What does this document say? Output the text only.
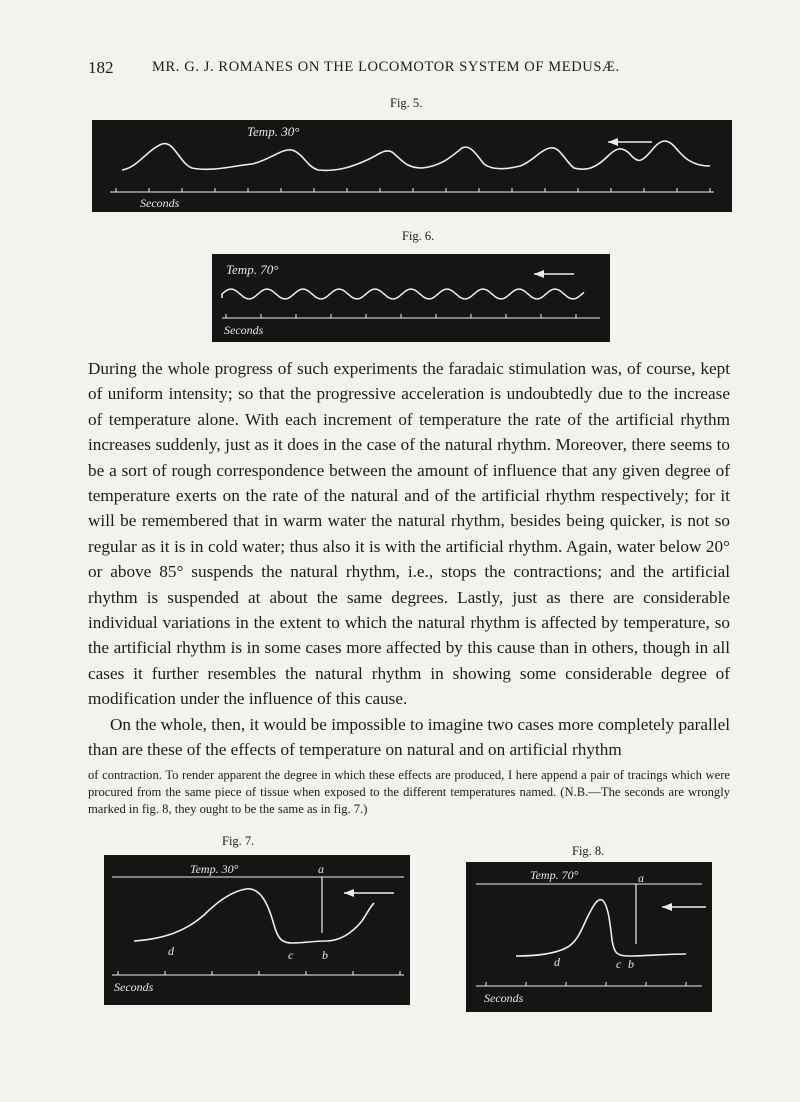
182	MR. G. J. ROMANES ON THE LOCOMOTOR SYSTEM OF MEDUSÆ.
Fig. 5.
Temp. 30°
Seconds
Fig. 6.
Temp. 70°
Seconds

During the whole progress of such experiments the faradaic stimulation was, of course, kept of uniform intensity; so that the progressive acceleration is undoubtedly due to the increase of temperature alone. With each increment of temperature the rate of the artificial rhythm increases suddenly, just as it does in the case of the natural rhythm. Moreover, there seems to be a sort of rough correspondence between the amount of influence that any given degree of temperature exerts on the rate of the natural and of the artificial rhythm respectively; for it will be remembered that in warm water the natural rhythm, besides being quicker, is not so regular as it is in cold water; thus also it is with the artificial rhythm. Again, water below 20° or above 85° suspends the natural rhythm, i.e., stops the contractions; and the artificial rhythm is suspended at about the same degrees. Lastly, just as there are considerable individual variations in the extent to which the natural rhythm is affected by temperature, so the artificial rhythm is in some cases more affected by this cause than in others, though in all cases it further resembles the natural rhythm in showing some considerable degree of modification under the influence of this cause.

On the whole, then, it would be impossible to imagine two cases more completely parallel than are these of the effects of temperature on natural and on artificial rhythm

of contraction. To render apparent the degree in which these effects are produced, I here append a pair of tracings which were procured from the same piece of tissue when exposed to the different temperatures named. (N.B.—The seconds are wrongly marked in fig. 8, they ought to be the same as in fig. 7.)
Fig. 7.
Temp. 30°	a
d	c b
Seconds
Fig. 8.
Temp. 70°	a
d	c b
Seconds
